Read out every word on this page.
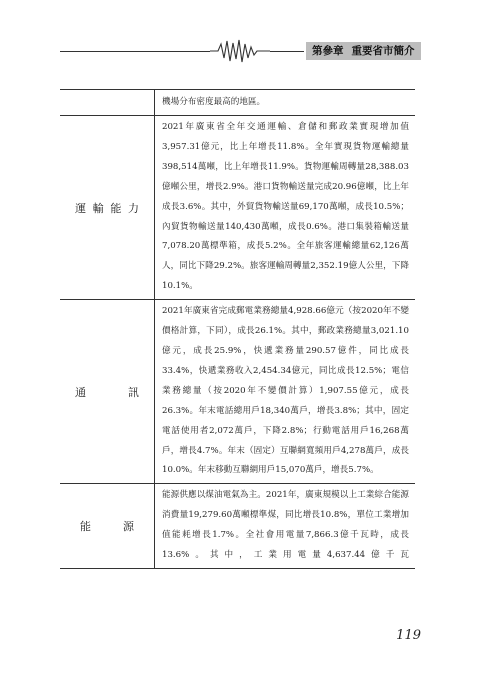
第參章 重要省市簡介
機場分布密度最高的地區。
運 輸 能 力
2021年廣東省全年交通運輸、倉儲和郵政業實現增加值3,957.31億元，比上年增長11.8%。全年實現貨物運輸總量398,514萬噸，比上年增長11.9%。貨物運輸周轉量28,388.03億噸公里，增長2.9%。港口貨物輸送量完成20.96億噸，比上年成長3.6%。其中，外貿貨物輸送量69,170萬噸，成長10.5%；內貿貨物輸送量140,430萬噸，成長0.6%。港口集裝箱輸送量7,078.20萬標準箱，成長5.2%。全年旅客運輸總量62,126萬人，同比下降29.2%。旅客運輸周轉量2,352.19億人公里，下降10.1%。
通	訊
2021年廣東省完成郵電業務總量4,928.66億元（按2020年不變價格計算，下同），成長26.1%。其中，郵政業務總量3,021.10億元，成長25.9%，快遞業務量290.57億件，同比成長33.4%，快遞業務收入2,454.34億元，同比成長12.5%；電信業務總量（按2020年不變價計算）1,907.55億元，成長26.3%。年末電話總用戶18,340萬戶，增長3.8%；其中，固定電話使用者2,072萬戶，下降2.8%；行動電話用戶16,268萬戶，增長4.7%。年末（固定）互聯網寬頻用戶4,278萬戶，成長10.0%。年末移動互聯網用戶15,070萬戶，增長5.7%。
能	源
能源供應以煤油電氣為主。2021年，廣東規模以上工業綜合能源消費量19,279.60萬噸標準煤，同比增長10.8%，單位工業增加值能耗增長1.7%。全社會用電量7,866.3億千瓦時，成長13.6%。其中，工業用電量4,637.44億千瓦
119
